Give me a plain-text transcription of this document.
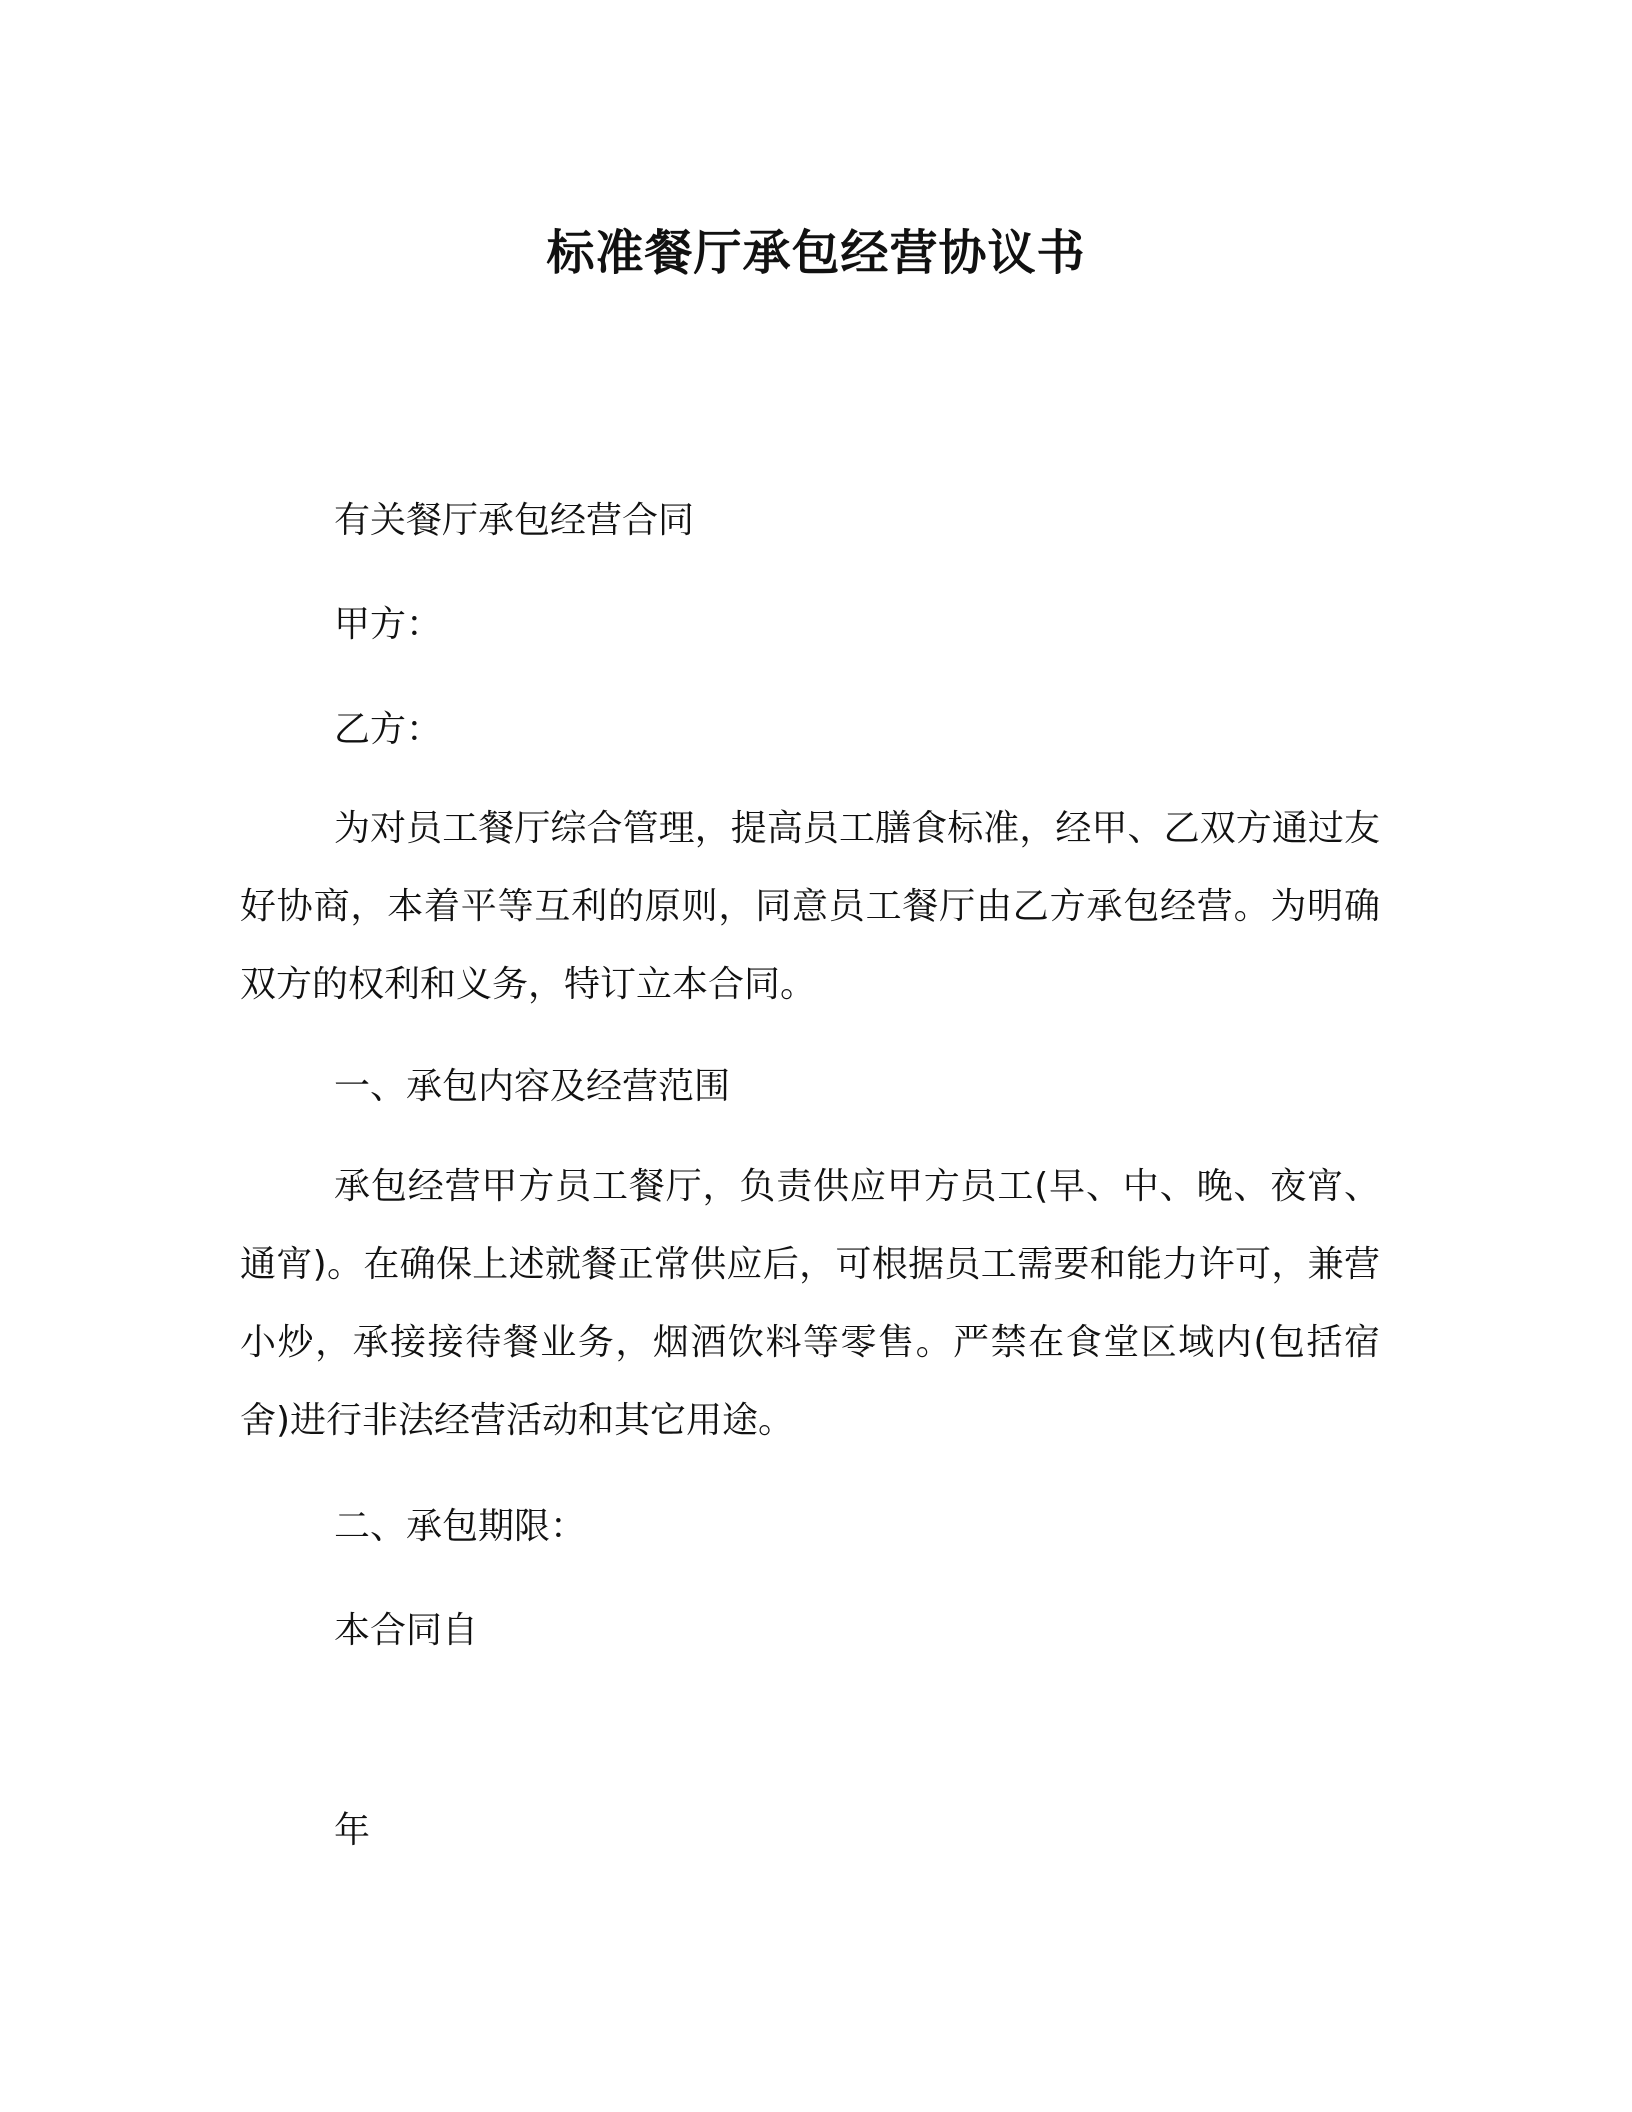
标准餐厅承包经营协议书

有关餐厅承包经营合同

甲方：

乙方：

为对员工餐厅综合管理，提高员工膳食标准，经甲、乙双方通过友好协商，本着平等互利的原则，同意员工餐厅由乙方承包经营。为明确双方的权利和义务，特订立本合同。

一、承包内容及经营范围

承包经营甲方员工餐厅，负责供应甲方员工(早、中、晚、夜宵、通宵)。在确保上述就餐正常供应后，可根据员工需要和能力许可，兼营小炒，承接接待餐业务，烟酒饮料等零售。严禁在食堂区域内(包括宿舍)进行非法经营活动和其它用途。

二、承包期限：

本合同自

年
